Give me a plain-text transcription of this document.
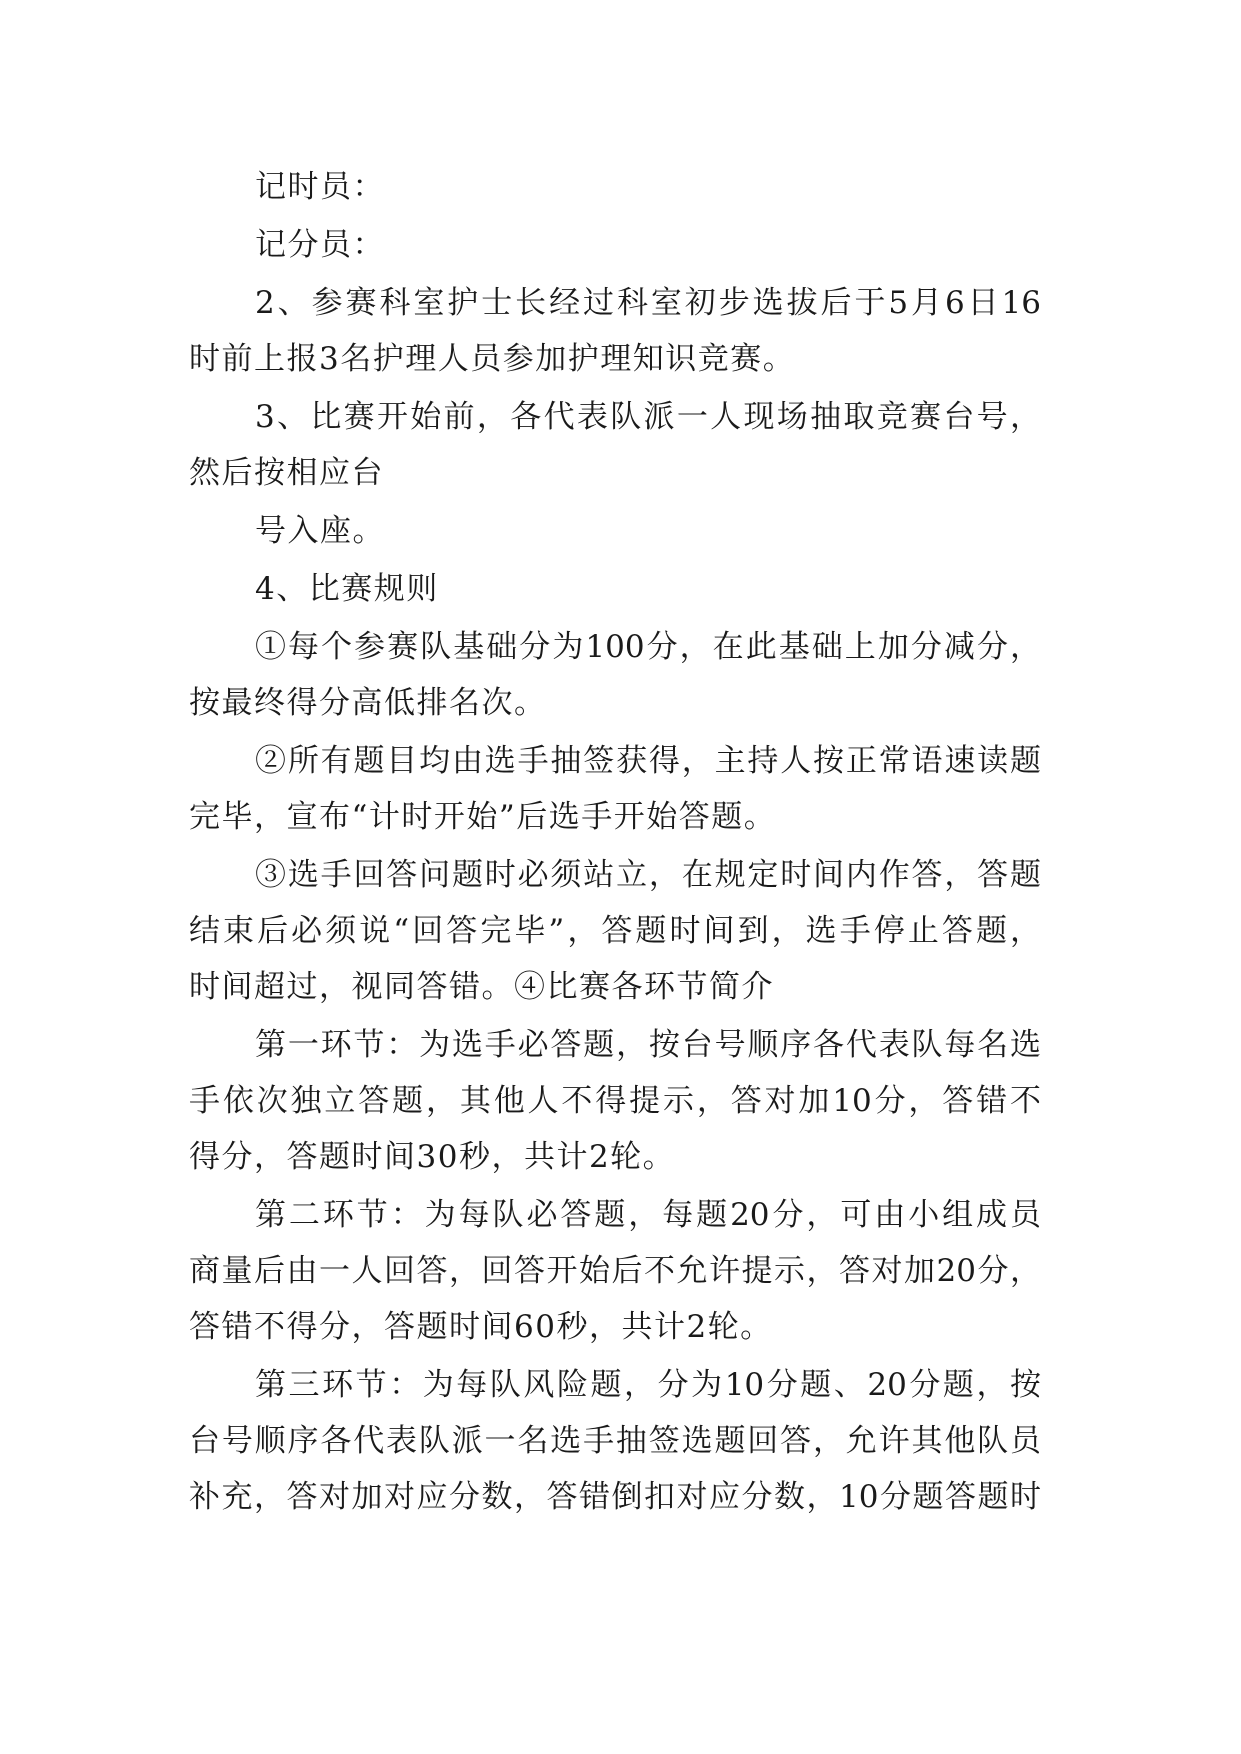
记时员：
记分员：
2、参赛科室护士长经过科室初步选拔后于5月6日16
时前上报3名护理人员参加护理知识竞赛。
3、比赛开始前，各代表队派一人现场抽取竞赛台号，
然后按相应台
号入座。
4、比赛规则
①每个参赛队基础分为100分，在此基础上加分减分，
按最终得分高低排名次。
②所有题目均由选手抽签获得，主持人按正常语速读题
完毕，宣布“计时开始”后选手开始答题。
③选手回答问题时必须站立，在规定时间内作答，答题
结束后必须说“回答完毕”，答题时间到，选手停止答题，
时间超过，视同答错。④比赛各环节简介
第一环节：为选手必答题，按台号顺序各代表队每名选
手依次独立答题，其他人不得提示，答对加10分，答错不
得分，答题时间30秒，共计2轮。
第二环节：为每队必答题，每题20分，可由小组成员
商量后由一人回答，回答开始后不允许提示，答对加20分，
答错不得分，答题时间60秒，共计2轮。
第三环节：为每队风险题，分为10分题、20分题，按
台号顺序各代表队派一名选手抽签选题回答，允许其他队员
补充，答对加对应分数，答错倒扣对应分数，10分题答题时
